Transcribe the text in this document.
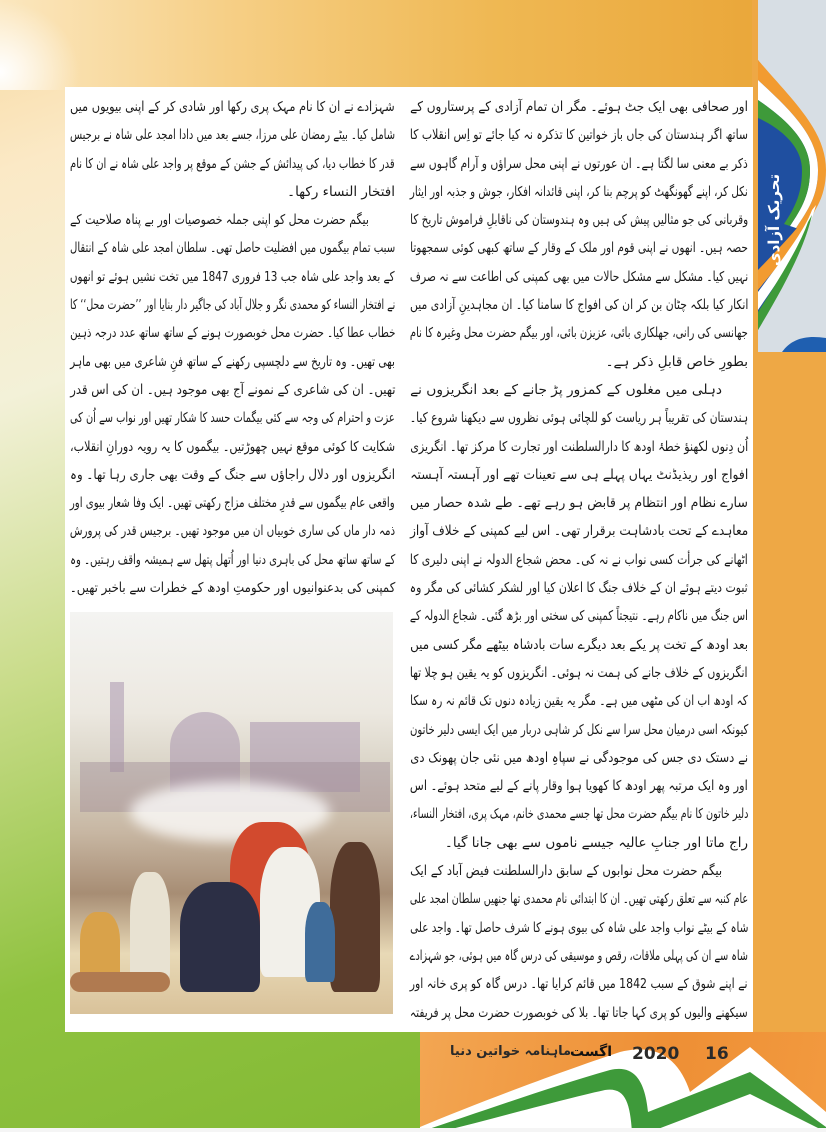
تحریک آزادی
اور صحافی بھی ایک جٹ ہوئے۔ مگر ان تمام آزادی کے پرستاروں کے
ساتھ اگر ہندستان کی جاں باز خواتین کا تذکرہ نہ کیا جائے تو اِس انقلاب کا
ذکر بے معنی سا لگتا ہے۔ ان عورتوں نے اپنی محل سراؤں و آرام گاہوں سے
نکل کر، اپنے گھونگھٹ کو پرچم بنا کر، اپنی قائدانہ افکار، جوش و جذبہ اور ایثار
وقربانی کی جو مثالیں پیش کی ہیں وہ ہندوستان کی ناقابلِ فراموش تاریخ کا
حصہ ہیں۔ انھوں نے اپنی قوم اور ملک کے وقار کے ساتھ کبھی کوئی سمجھوتا
نہیں کیا۔ مشکل سے مشکل حالات میں بھی کمپنی کی اطاعت سے نہ صرف
انکار کیا بلکہ چٹان بن کر ان کی افواج کا سامنا کیا۔ ان مجاہدینِ آزادی میں
جھانسی کی رانی، جھلکاری بائی، عزیزن بائی، اور بیگم حضرت محل وغیرہ کا نام
بطورِ خاص قابلِ ذکر ہے۔
دہلی میں مغلوں کے کمزور پڑ جانے کے بعد انگریزوں نے
ہندستان کی تقریباً ہر ریاست کو للچائی ہوئی نظروں سے دیکھنا شروع کیا۔
اُن دِنوں لکھنؤ خطۂ اودھ کا دارالسلطنت اور تجارت کا مرکز تھا۔ انگریزی
افواج اور ریذیڈنٹ یہاں پہلے ہی سے تعینات تھے اور آہستہ آہستہ
سارے نظام اور انتظام پر قابض ہو رہے تھے۔ طے شدہ حصار میں
معاہدے کے تحت بادشاہت برقرار تھی۔ اس لیے کمپنی کے خلاف آواز
اٹھانے کی جرأت کسی نواب نے نہ کی۔ محض شجاع الدولہ نے اپنی دلیری کا
ثبوت دیتے ہوئے ان کے خلاف جنگ کا اعلان کیا اور لشکر کشائی کی مگر وہ
اس جنگ میں ناکام رہے۔ نتیجتاً کمپنی کی سختی اور بڑھ گئی۔ شجاع الدولہ کے
بعد اودھ کے تخت پر یکے بعد دیگرے سات بادشاہ بیٹھے مگر کسی میں
انگریزوں کے خلاف جانے کی ہمت نہ ہوئی۔ انگریزوں کو یہ یقین ہو چلا تھا
کہ اودھ اب ان کی مٹھی میں ہے۔ مگر یہ یقین زیادہ دنوں تک قائم نہ رہ سکا
کیونکہ اسی درمیان محل سرا سے نکل کر شاہی دربار میں ایک ایسی دلیر خاتون
نے دستک دی جس کی موجودگی نے سپاہِ اودھ میں نئی جان پھونک دی
اور وہ ایک مرتبہ پھر اودھ کا کھویا ہوا وقار پانے کے لیے متحد ہوئے۔ اس
دلیر خاتون کا نام بیگم حضرت محل تھا جسے محمدی خانم، مہک پری، افتخار النساء،
راج ماتا اور جنابِ عالیہ جیسے ناموں سے بھی جانا گیا۔
بیگم حضرت محل نوابوں کے سابق دارالسلطنت فیض آباد کے ایک
عام کنبہ سے تعلق رکھتی تھیں۔ ان کا ابتدائی نام محمدی تھا جنھیں سلطان امجد علی
شاہ کے بیٹے نواب واجد علی شاہ کی بیوی ہونے کا شرف حاصل تھا۔ واجد علی
شاہ سے ان کی پہلی ملاقات، رقص و موسیقی کی درس گاہ میں ہوئی، جو شہزادے
نے اپنے شوق کے سبب 1842 میں قائم کرایا تھا۔ درس گاہ کو پری خانہ اور
سیکھنے والیوں کو پری کہا جاتا تھا۔ بلا کی خوبصورت حضرت محل پر فریفتہ
شہزادے نے ان کا نام مہک پری رکھا اور شادی کر کے اپنی بیویوں میں
شامل کیا۔ بیٹے رمضان علی مرزا، جسے بعد میں دادا امجد علی شاہ نے برجیس
قدر کا خطاب دیا، کی پیدائش کے جشن کے موقع پر واجد علی شاہ نے ان کا نام
افتخار النساء رکھا۔
بیگم حضرت محل کو اپنی جملہ خصوصیات اور بے پناہ صلاحیت کے
سبب تمام بیگموں میں افضلیت حاصل تھی۔ سلطان امجد علی شاہ کے انتقال
کے بعد واجد علی شاہ جب 13 فروری 1847 میں تخت نشیں ہوئے تو انھوں
نے افتخار النساء کو محمدی نگر و جلال آباد کی جاگیر دار بنایا اور ’’حضرت محل‘‘ کا
خطاب عطا کیا۔ حضرت محل خوبصورت ہونے کے ساتھ ساتھ عدد درجہ ذہین
بھی تھیں۔ وہ تاریخ سے دلچسپی رکھنے کے ساتھ فنِ شاعری میں بھی ماہر
تھیں۔ ان کی شاعری کے نمونے آج بھی موجود ہیں۔ ان کی اس قدر
عزت و احترام کی وجہ سے کئی بیگمات حسد کا شکار تھیں اور نواب سے اُن کی
شکایت کا کوئی موقع نہیں چھوڑتیں۔ بیگموں کا یہ رویہ دورانِ انقلاب،
انگریزوں اور دلال راجاؤں سے جنگ کے وقت بھی جاری رہا تھا۔ وہ
واقعی عام بیگموں سے قدرِ مختلف مزاج رکھتی تھیں۔ ایک وفا شعار بیوی اور
ذمہ دار ماں کی ساری خوبیاں ان میں موجود تھیں۔ برجیس قدر کی پرورش
کے ساتھ ساتھ محل کی باہری دنیا اور اُتھل پتھل سے ہمیشہ واقف رہتیں۔ وہ
کمپنی کی بدعنوانیوں اور حکومتِ اودھ کے خطرات سے باخبر تھیں۔
ماہنامہ خواتین دنیا
اگست 2020 16
